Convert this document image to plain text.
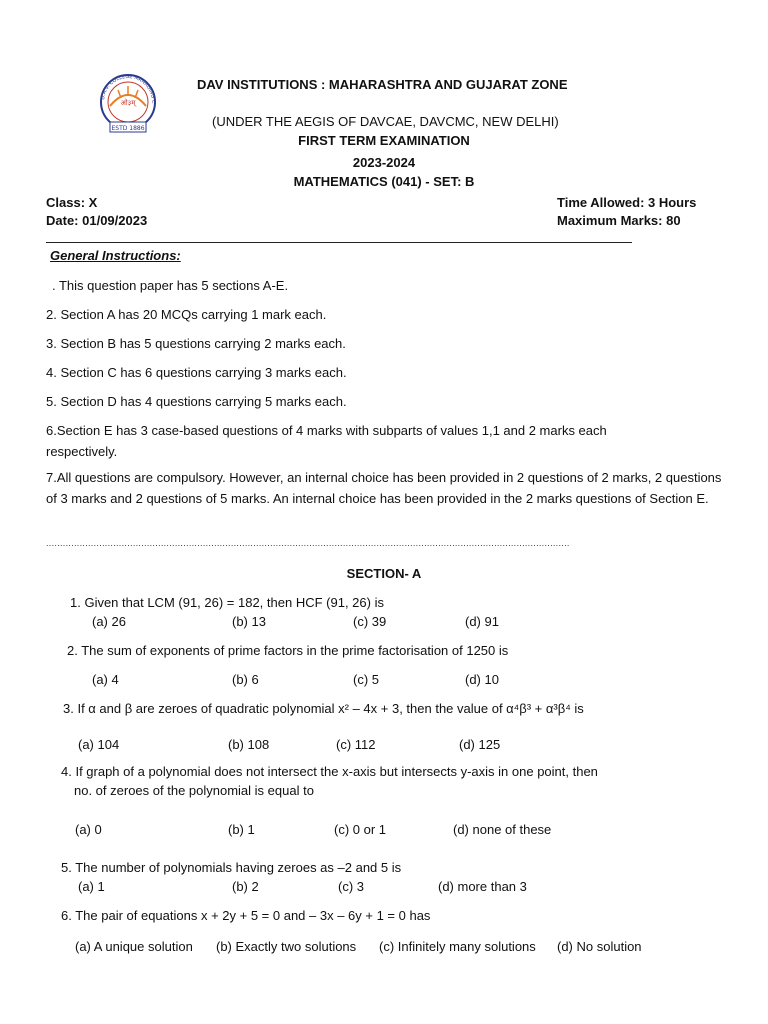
ओ३म्
ESTD 1886
D.A.V. COLLEGE MANAGING C
DAV INSTITUTIONS : MAHARASHTRA AND GUJARAT ZONE
(UNDER THE AEGIS OF DAVCAE, DAVCMC, NEW DELHI)
FIRST TERM EXAMINATION
2023-2024
MATHEMATICS (041) - SET: B
Class: X
Date: 01/09/2023
Time Allowed: 3 Hours
Maximum Marks: 80
General Instructions:
. This question paper has 5 sections A-E.
2. Section A has 20 MCQs carrying 1 mark each.
3. Section B has 5 questions carrying 2 marks each.
4. Section C has 6 questions carrying 3 marks each.
5. Section D has 4 questions carrying 5 marks each.
6.Section E has 3 case-based questions of 4 marks with subparts of values 1,1 and 2 marks each respectively.
7.All questions are compulsory. However, an internal choice has been provided in 2 questions of 2 marks, 2 questions of 3 marks and 2 questions of 5 marks. An internal choice has been provided in the 2 marks questions of Section E.
...........................................................................................................................................................................................
SECTION- A
1. Given that LCM (91, 26) = 182, then HCF (91, 26) is
(a) 26	(b) 13	(c) 39	(d) 91
2. The sum of exponents of prime factors in the prime factorisation of 1250 is
(a) 4	(b) 6	(c) 5	(d) 10
3. If α and β are zeroes of quadratic polynomial x² – 4x + 3, then the value of α⁴β³ + α³β⁴ is
(a) 104	(b) 108	(c) 112	(d) 125
4. If graph of a polynomial does not intersect the x-axis but intersects y-axis in one point, then
no. of zeroes of the polynomial is equal to
(a) 0	(b) 1	(c) 0 or 1	(d) none of these
5. The number of polynomials having zeroes as –2 and 5 is
(a) 1	(b) 2	(c) 3	(d) more than 3
6. The pair of equations x + 2y + 5 = 0 and – 3x – 6y + 1 = 0 has
(a) A unique solution (b) Exactly two solutions (c) Infinitely many solutions (d) No solution
